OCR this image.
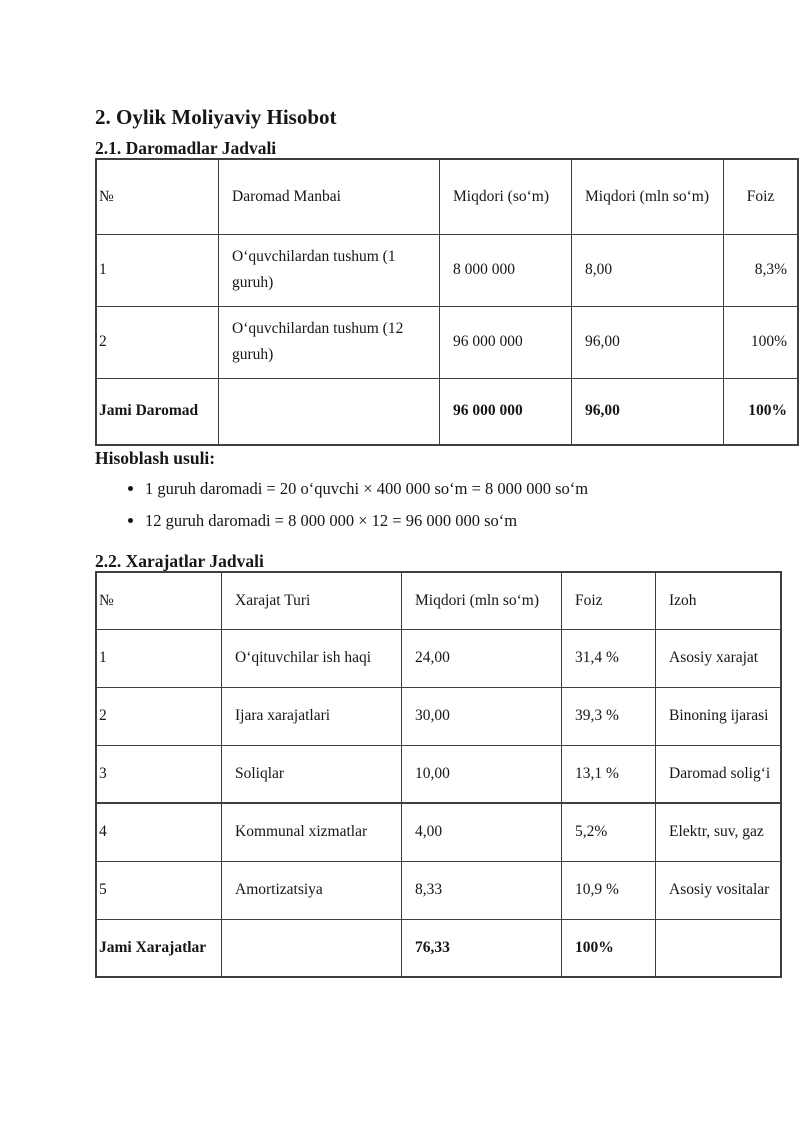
2. Oylik Moliyaviy Hisobot
2.1. Daromadlar Jadvali
№	Daromad Manbai	Miqdori (so‘m)	Miqdori (mln so‘m)	Foiz
1	O‘quvchilardan tushum (1 guruh)	8 000 000	8,00	8,3%
2	O‘quvchilardan tushum (12 guruh)	96 000 000	96,00	100%
Jami Daromad		96 000 000	96,00	100%
Hisoblash usuli:
• 1 guruh daromadi = 20 o‘quvchi × 400 000 so‘m = 8 000 000 so‘m
• 12 guruh daromadi = 8 000 000 × 12 = 96 000 000 so‘m
2.2. Xarajatlar Jadvali
№	Xarajat Turi	Miqdori (mln so‘m)	Foiz	Izoh
1	O‘qituvchilar ish haqi	24,00	31,4 %	Asosiy xarajat
2	Ijara xarajatlari	30,00	39,3 %	Binoning ijarasi
3	Soliqlar	10,00	13,1 %	Daromad solig‘i
4	Kommunal xizmatlar	4,00	5,2%	Elektr, suv, gaz
5	Amortizatsiya	8,33	10,9 %	Asosiy vositalar
Jami Xarajatlar		76,33	100%	
